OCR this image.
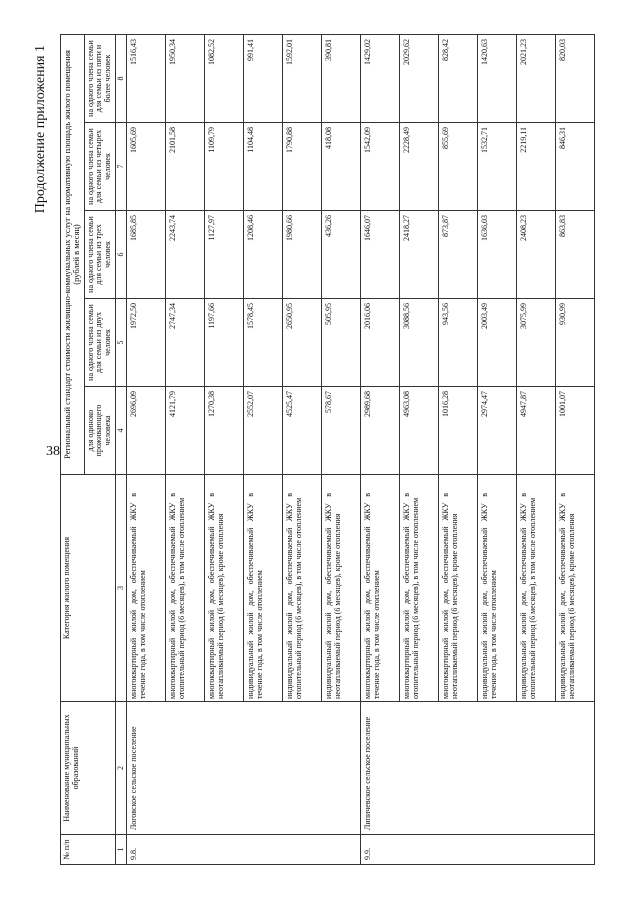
38
Продолжение приложения 1
№ п/п	Наименование муниципальных образований	Категория жилого помещения	Региональный стандарт стоимости жилищно-коммунальных услуг на нормативную площадь жилого помещения (рублей в месяц)				
			для одиноко проживающего человека	на одного члена семьи для семьи из двух человек	на одного члена семьи для семьи из трех человек	на одного члена семьи для семьи из четырех человек	на одного члена семьи для семьи из пяти и более человек
1	2	3	4	5	6	7	8
9.8.	Логовское сельское поселение	многоквартирный жилой дом, обеспечиваемый ЖКУ в течение года, в том числе отоплением	2696,09	1972,50	1685,85	1605,69	1516,43
		многоквартирный жилой дом, обеспечиваемый ЖКУ в отопительный период (6 месяцев), в том числе отоплением	4121,79	2747,34	2243,74	2101,58	1950,34
		многоквартирный жилой дом, обеспечиваемый ЖКУ в неотапливаемый период (6 месяцев), кроме отопления	1270,38	1197,66	1127,97	1109,79	1082,52
		индивидуальный жилой дом, обеспечиваемый ЖКУ в течение года, в том числе отоплением	2552,07	1578,45	1208,46	1104,48	991,41
		индивидуальный жилой дом, обеспечиваемый ЖКУ в отопительный период (6 месяцев), в том числе отоплением	4525,47	2650,95	1980,66	1790,88	1592,01
		индивидуальный жилой дом, обеспечиваемый ЖКУ в неотапливаемый период (6 месяцев), кроме отопления	578,67	505,95	436,26	418,08	390,81
9.9.	Липичевское сельское поселение	многоквартирный жилой дом, обеспечиваемый ЖКУ в течение года, в том числе отоплением	2989,68	2016,06	1646,07	1542,09	1429,02
		многоквартирный жилой дом, обеспечиваемый ЖКУ в отопительный период (6 месяцев), в том числе отоплением	4963,08	3088,56	2418,27	2228,49	2029,62
		многоквартирный жилой дом, обеспечиваемый ЖКУ в неотапливаемый период (6 месяцев), кроме отопления	1016,28	943,56	873,87	855,69	828,42
		индивидуальный жилой дом, обеспечиваемый ЖКУ в течение года, в том числе отоплением	2974,47	2003,49	1636,03	1532,71	1420,63
		индивидуальный жилой дом, обеспечиваемый ЖКУ в отопительный период (6 месяцев), в том числе отоплением	4947,87	3075,99	2408,23	2219,11	2021,23
		индивидуальный жилой дом, обеспечиваемый ЖКУ в неотапливаемый период (6 месяцев), кроме отопления	1001,07	930,99	863,83	846,31	820,03
